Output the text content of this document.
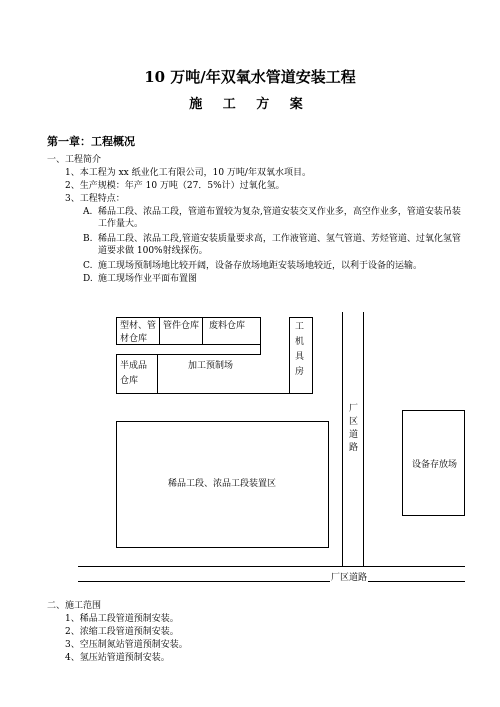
10 万吨/年双氧水管道安装工程
施 工 方 案
第一章：工程概况
一、工程简介
1、本工程为 xx 纸业化工有限公司，10 万吨/年双氧水项目。
2、生产规模：年产 10 万吨（27．5%计）过氧化氢。
3、工程特点：
A. 稀品工段、浓品工段，管道布置较为复杂,管道安装交叉作业多，高空作业多，管道安装吊装工作量大。
B. 稀品工段、浓品工段,管道安装质量要求高，工作液管道、氢气管道、芳烃管道、过氧化氢管道要求做 100%射线探伤。
C. 施工现场预制场地比较开阔，设备存放场地距安装场地较近，以利于设备的运输。
D. 施工现场作业平面布置图
型材、管材仓库
管件仓库 废料仓库	工机具房
半成品仓库
加工预制场
厂区道路
设备存放场
稀品工段、浓品工段装置区
厂区道路
二、施工范围
1、稀品工段管道预制安装。
2、浓缩工段管道预制安装。
3、空压制氮站管道预制安装。
4、氢压站管道预制安装。
